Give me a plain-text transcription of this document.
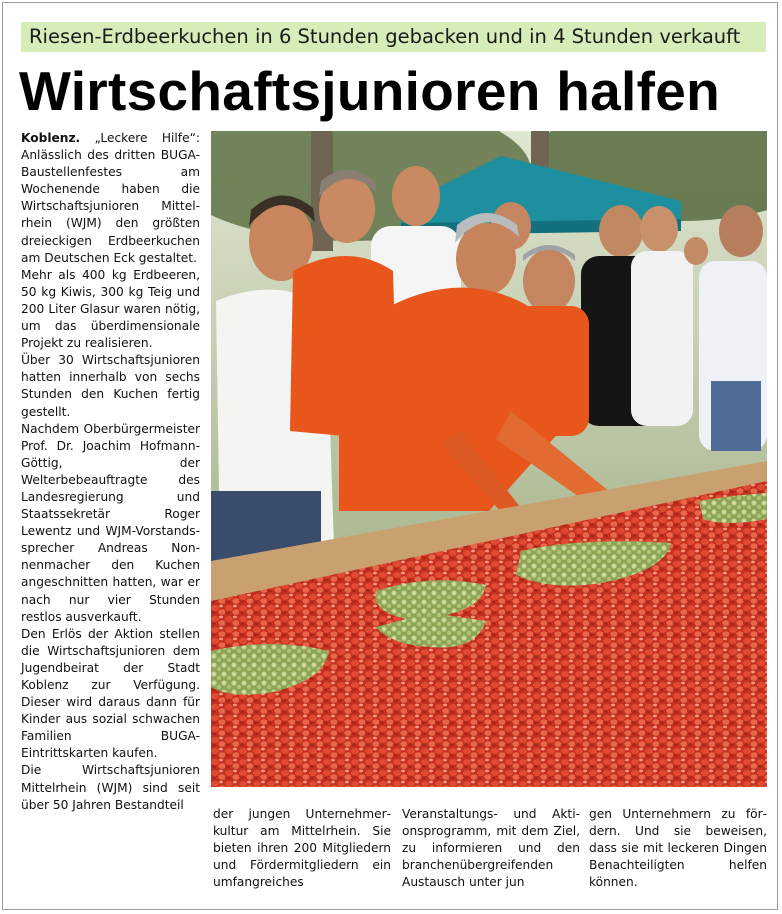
Riesen-Erdbeerkuchen in 6 Stunden gebacken und in 4 Stunden verkauft
Wirtschaftsjunioren halfen

Koblenz. „Leckere Hilfe“: Anlässlich des dritten BUGA-Baustellenfestes am Wochenende haben die Wirtschaftsjunioren Mittelrhein (WJM) den größten dreieckigen Erdbeerkuchen am Deutschen Eck gestaltet.

Mehr als 400 kg Erdbeeren, 50 kg Kiwis, 300 kg Teig und 200 Liter Glasur waren nötig, um das überdimensionale Projekt zu realisieren.

Über 30 Wirtschaftsjunioren hatten innerhalb von sechs Stunden den Kuchen fertig gestellt.

Nachdem Oberbürgermeister Prof. Dr. Joachim Hofmann-Göttig, der Welterbebeauftragte des Landesregierung und Staatssekretär Roger Lewentz und WJM-Vorstandssprecher Andreas Nonnenmacher den Kuchen angeschnitten hatten, war er nach nur vier Stunden restlos ausverkauft.

Den Erlös der Aktion stellen die Wirtschaftsjunioren dem Jugendbeirat der Stadt Koblenz zur Verfügung. Dieser wird daraus dann für Kinder aus sozial schwachen Familien BUGA- Eintrittskarten kaufen.

Die Wirtschaftsjunioren Mittelrhein (WJM) sind seit über 50 Jahren Bestandteil

der jungen Unternehmerkultur am Mittelrhein. Sie bieten ihren 200 Mitgliedern und Fördermitgliedern ein umfangreiches

Veranstaltungs- und Aktionsprogramm, mit dem Ziel, zu informieren und den branchenübergreifenden Austausch unter jun

gen Unternehmern zu fördern. Und sie beweisen, dass sie mit leckeren Dingen Benachteiligten helfen können.
